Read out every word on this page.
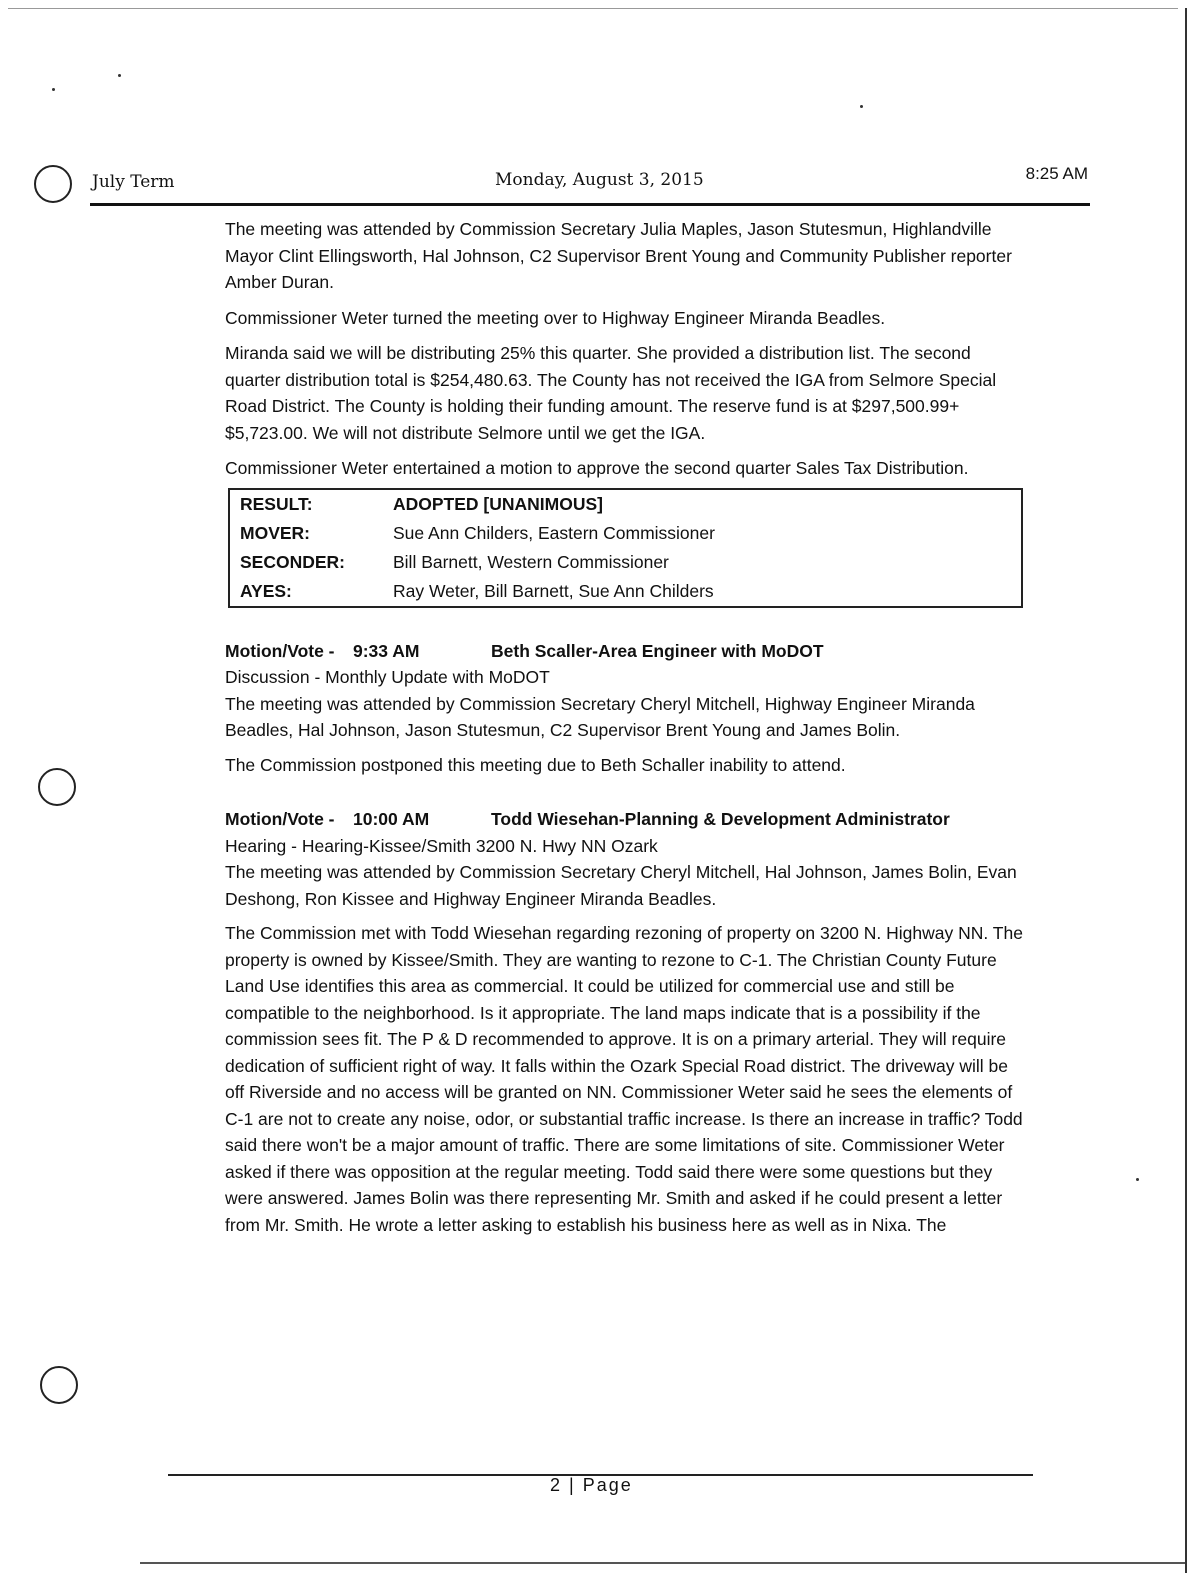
July Term	Monday, August 3, 2015	8:25 AM

The meeting was attended by Commission Secretary Julia Maples, Jason Stutesmun, Highlandville Mayor Clint Ellingsworth, Hal Johnson, C2 Supervisor Brent Young and Community Publisher reporter Amber Duran.

Commissioner Weter turned the meeting over to Highway Engineer Miranda Beadles.

Miranda said we will be distributing 25% this quarter. She provided a distribution list. The second quarter distribution total is $254,480.63. The County has not received the IGA from Selmore Special Road District. The County is holding their funding amount. The reserve fund is at $297,500.99+ $5,723.00. We will not distribute Selmore until we get the IGA.

Commissioner Weter entertained a motion to approve the second quarter Sales Tax Distribution.

RESULT:	ADOPTED [UNANIMOUS]
MOVER:	Sue Ann Childers, Eastern Commissioner
SECONDER:	Bill Barnett, Western Commissioner
AYES:	Ray Weter, Bill Barnett, Sue Ann Childers
Motion/Vote - 9:33 AM	Beth Scaller-Area Engineer with MoDOT

Discussion - Monthly Update with MoDOT

The meeting was attended by Commission Secretary Cheryl Mitchell, Highway Engineer Miranda Beadles, Hal Johnson, Jason Stutesmun, C2 Supervisor Brent Young and James Bolin.

The Commission postponed this meeting due to Beth Schaller inability to attend.

Motion/Vote - 10:00 AM	Todd Wiesehan-Planning & Development Administrator

Hearing - Hearing-Kissee/Smith 3200 N. Hwy NN Ozark

The meeting was attended by Commission Secretary Cheryl Mitchell, Hal Johnson, James Bolin, Evan Deshong, Ron Kissee and Highway Engineer Miranda Beadles.

The Commission met with Todd Wiesehan regarding rezoning of property on 3200 N. Highway NN. The property is owned by Kissee/Smith. They are wanting to rezone to C-1. The Christian County Future Land Use identifies this area as commercial. It could be utilized for commercial use and still be compatible to the neighborhood. Is it appropriate. The land maps indicate that is a possibility if the commission sees fit. The P & D recommended to approve. It is on a primary arterial. They will require dedication of sufficient right of way. It falls within the Ozark Special Road district. The driveway will be off Riverside and no access will be granted on NN. Commissioner Weter said he sees the elements of C-1 are not to create any noise, odor, or substantial traffic increase. Is there an increase in traffic? Todd said there won't be a major amount of traffic. There are some limitations of site. Commissioner Weter asked if there was opposition at the regular meeting. Todd said there were some questions but they were answered. James Bolin was there representing Mr. Smith and asked if he could present a letter from Mr. Smith. He wrote a letter asking to establish his business here as well as in Nixa. The

2 | Page
